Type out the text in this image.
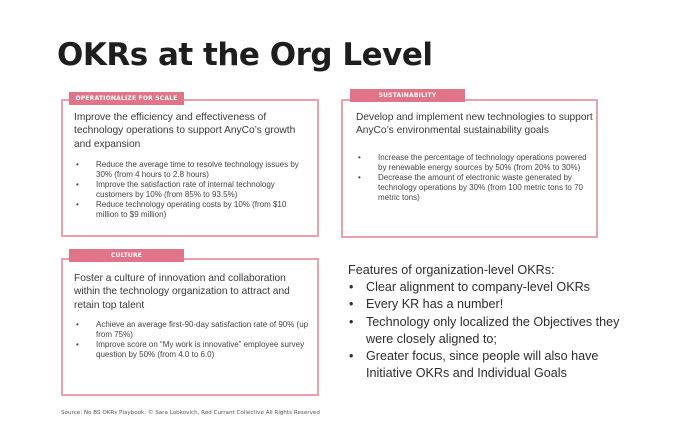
OKRs at the Org Level
OPERATIONALIZE FOR SCALE
Improve the efficiency and effectiveness of technology operations to support AnyCo’s growth and expansion
• Reduce the average time to resolve technology issues by 30% (from 4 hours to 2.8 hours)
• Improve the satisfaction rate of internal technology customers by 10% (from 85% to 93.5%)
• Reduce technology operating costs by 10% (from $10 million to $9 million)
SUSTAINABILITY
Develop and implement new technologies to support AnyCo’s environmental sustainability goals
• Increase the percentage of technology operations powered by renewable energy sources by 50% (from 20% to 30%)
• Decrease the amount of electronic waste generated by technology operations by 30% (from 100 metric tons to 70 metric tons)
CULTURE
Foster a culture of innovation and collaboration within the technology organization to attract and retain top talent
• Achieve an average first-90-day satisfaction rate of 90% (up from 75%)
• Improve score on “My work is innovative” employee survey question by 50% (from 4.0 to 6.0)
Features of organization-level OKRs:
• Clear alignment to company-level OKRs
• Every KR has a number!
• Technology only localized the Objectives they were closely aligned to;
• Greater focus, since people will also have Initiative OKRs and Individual Goals
Source: No BS OKRs Playbook, © Sara Lobkovich, Red Currant Collective All Rights Reserved
